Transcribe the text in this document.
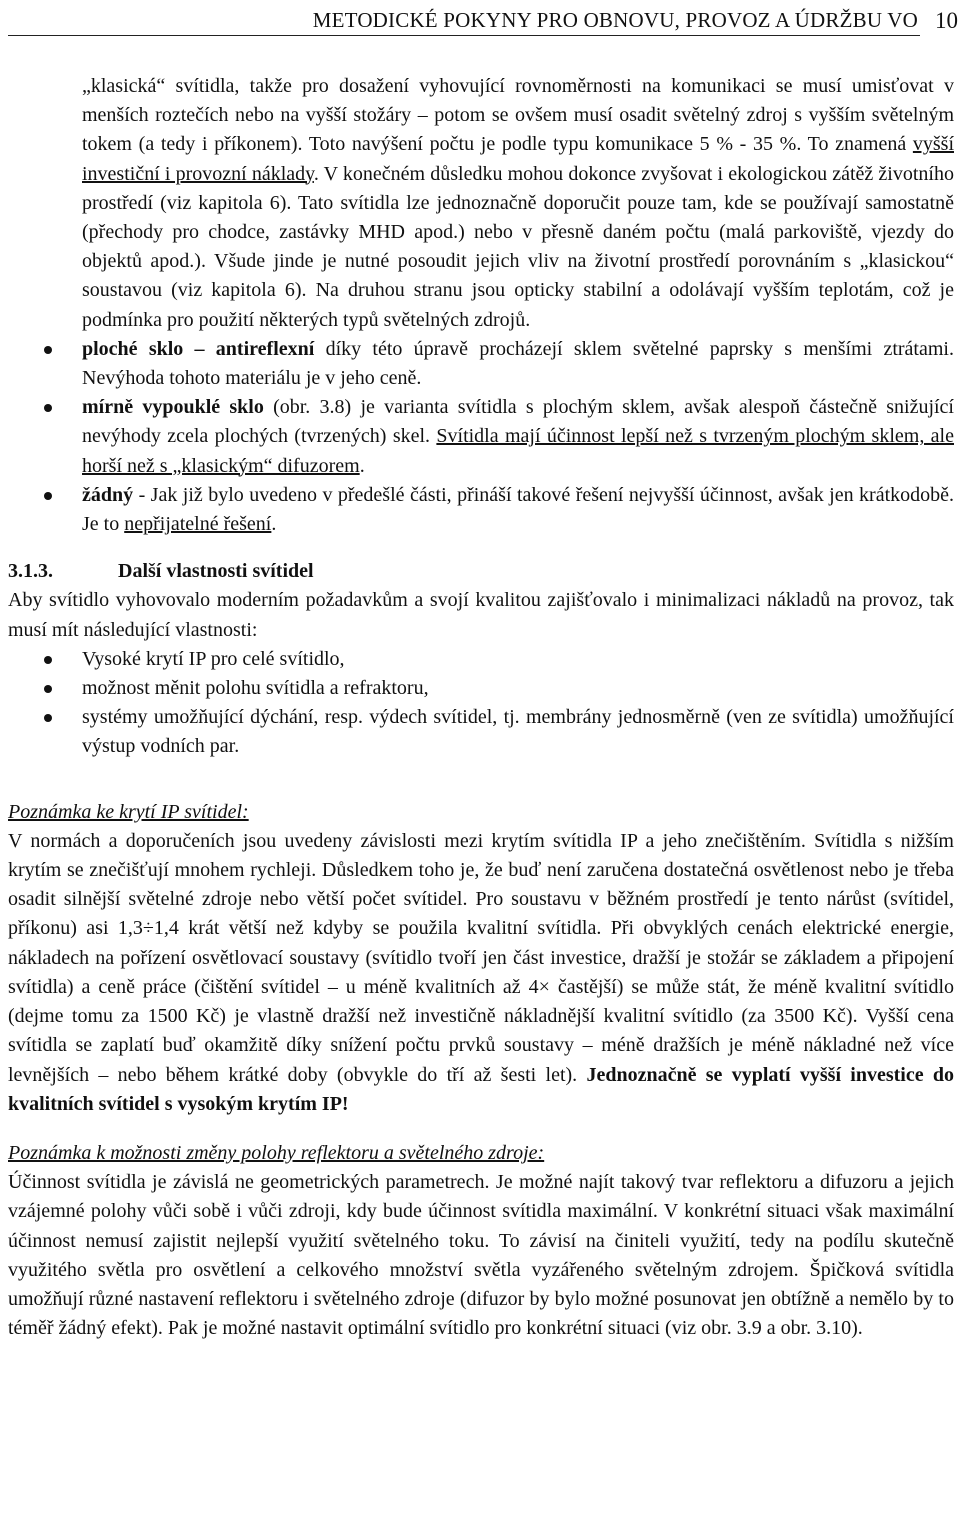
METODICKÉ POKYNY PRO OBNOVU, PROVOZ A ÚDRŽBU VO 10

„klasická“ svítidla, takže pro dosažení vyhovující rovnoměrnosti na komunikaci se musí umisťovat v menších roztečích nebo na vyšší stožáry – potom se ovšem musí osadit světelný zdroj s vyšším světelným tokem (a tedy i příkonem). Toto navýšení počtu je podle typu komunikace 5 % - 35 %. To znamená vyšší investiční i provozní náklady. V konečném důsledku mohou dokonce zvyšovat i ekologickou zátěž životního prostředí (viz kapitola 6). Tato svítidla lze jednoznačně doporučit pouze tam, kde se používají samostatně (přechody pro chodce, zastávky MHD apod.) nebo v přesně daném počtu (malá parkoviště, vjezdy do objektů apod.). Všude jinde je nutné posoudit jejich vliv na životní prostředí porovnáním s „klasickou“ soustavou (viz kapitola 6). Na druhou stranu jsou opticky stabilní a odolávají vyšším teplotám, což je podmínka pro použití některých typů světelných zdrojů.

ploché sklo – antireflexní díky této úpravě procházejí sklem světelné paprsky s menšími ztrátami. Nevýhoda tohoto materiálu je v jeho ceně.
mírně vypouklé sklo (obr. 3.8) je varianta svítidla s plochým sklem, avšak alespoň částečně snižující nevýhody zcela plochých (tvrzených) skel. Svítidla mají účinnost lepší než s tvrzeným plochým sklem, ale horší než s „klasickým“ difuzorem.
žádný - Jak již bylo uvedeno v předešlé části, přináší takové řešení nejvyšší účinnost, avšak jen krátkodobě. Je to nepřijatelné řešení.
3.1.3.	Další vlastnosti svítidel

Aby svítidlo vyhovovalo moderním požadavkům a svojí kvalitou zajišťovalo i minimalizaci nákladů na provoz, tak musí mít následující vlastnosti:

Vysoké krytí IP pro celé svítidlo,
možnost měnit polohu svítidla a refraktoru,
systémy umožňující dýchání, resp. výdech svítidel, tj. membrány jednosměrně (ven ze svítidla) umožňující výstup vodních par.

Poznámka ke krytí IP svítidel:

V normách a doporučeních jsou uvedeny závislosti mezi krytím svítidla IP a jeho znečištěním. Svítidla s nižším krytím se znečišťují mnohem rychleji. Důsledkem toho je, že buď není zaručena dostatečná osvětlenost nebo je třeba osadit silnější světelné zdroje nebo větší počet svítidel. Pro soustavu v běžném prostředí je tento nárůst (svítidel, příkonu) asi 1,3÷1,4 krát větší než kdyby se použila kvalitní svítidla. Při obvyklých cenách elektrické energie, nákladech na pořízení osvětlovací soustavy (svítidlo tvoří jen část investice, dražší je stožár se základem a připojení svítidla) a ceně práce (čištění svítidel – u méně kvalitních až 4× častější) se může stát, že méně kvalitní svítidlo (dejme tomu za 1500 Kč) je vlastně dražší než investičně nákladnější kvalitní svítidlo (za 3500 Kč). Vyšší cena svítidla se zaplatí buď okamžitě díky snížení počtu prvků soustavy – méně dražších je méně nákladné než více levnějších – nebo během krátké doby (obvykle do tří až šesti let). Jednoznačně se vyplatí vyšší investice do kvalitních svítidel s vysokým krytím IP!

Poznámka k možnosti změny polohy reflektoru a světelného zdroje:

Účinnost svítidla je závislá ne geometrických parametrech. Je možné najít takový tvar reflektoru a difuzoru a jejich vzájemné polohy vůči sobě i vůči zdroji, kdy bude účinnost svítidla maximální. V konkrétní situaci však maximální účinnost nemusí zajistit nejlepší využití světelného toku. To závisí na činiteli využití, tedy na podílu skutečně využitého světla pro osvětlení a celkového množství světla vyzářeného světelným zdrojem. Špičková svítidla umožňují různé nastavení reflektoru i světelného zdroje (difuzor by bylo možné posunovat jen obtížně a nemělo by to téměř žádný efekt). Pak je možné nastavit optimální svítidlo pro konkrétní situaci (viz obr. 3.9 a obr. 3.10).
